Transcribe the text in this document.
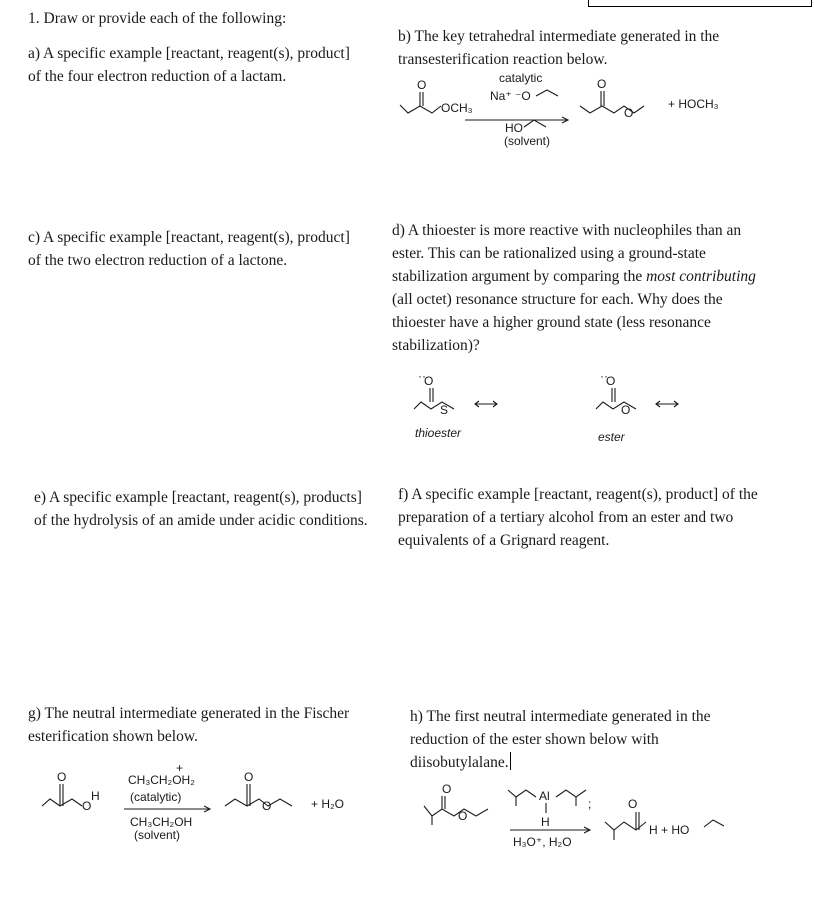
1. Draw or provide each of the following:
a) A specific example [reactant, reagent(s), product] of the four electron reduction of a lactam.
b) The key tetrahedral intermediate generated in the transesterification reaction below.
c) A specific example [reactant, reagent(s), product] of the two electron reduction of a lactone.
d) A thioester is more reactive with nucleophiles than an ester. This can be rationalized using a ground-state stabilization argument by comparing the most contributing (all octet) resonance structure for each. Why does the thioester have a higher ground state (less resonance stabilization)?
e) A specific example [reactant, reagent(s), products] of the hydrolysis of an amide under acidic conditions.
f) A specific example [reactant, reagent(s), product] of the preparation of a tertiary alcohol from an ester and two equivalents of a Grignard reagent.
g) The neutral intermediate generated in the Fischer esterification shown below.
h) The first neutral intermediate generated in the reduction of the ester shown below with diisobutylalane.
O
OCH₃
catalytic
Na⁺ ⁻O
HO
(solvent)
O
O
+ HOCH₃
O
··
S
thioester
O
··
O
ester
O
O
H
+
CH₃CH₂OH₂
(catalytic)
CH₃CH₂OH
(solvent)
O
O	+ H₂O
O
O
Al
H
;
H₃O⁺, H₂O
O
H + HO
